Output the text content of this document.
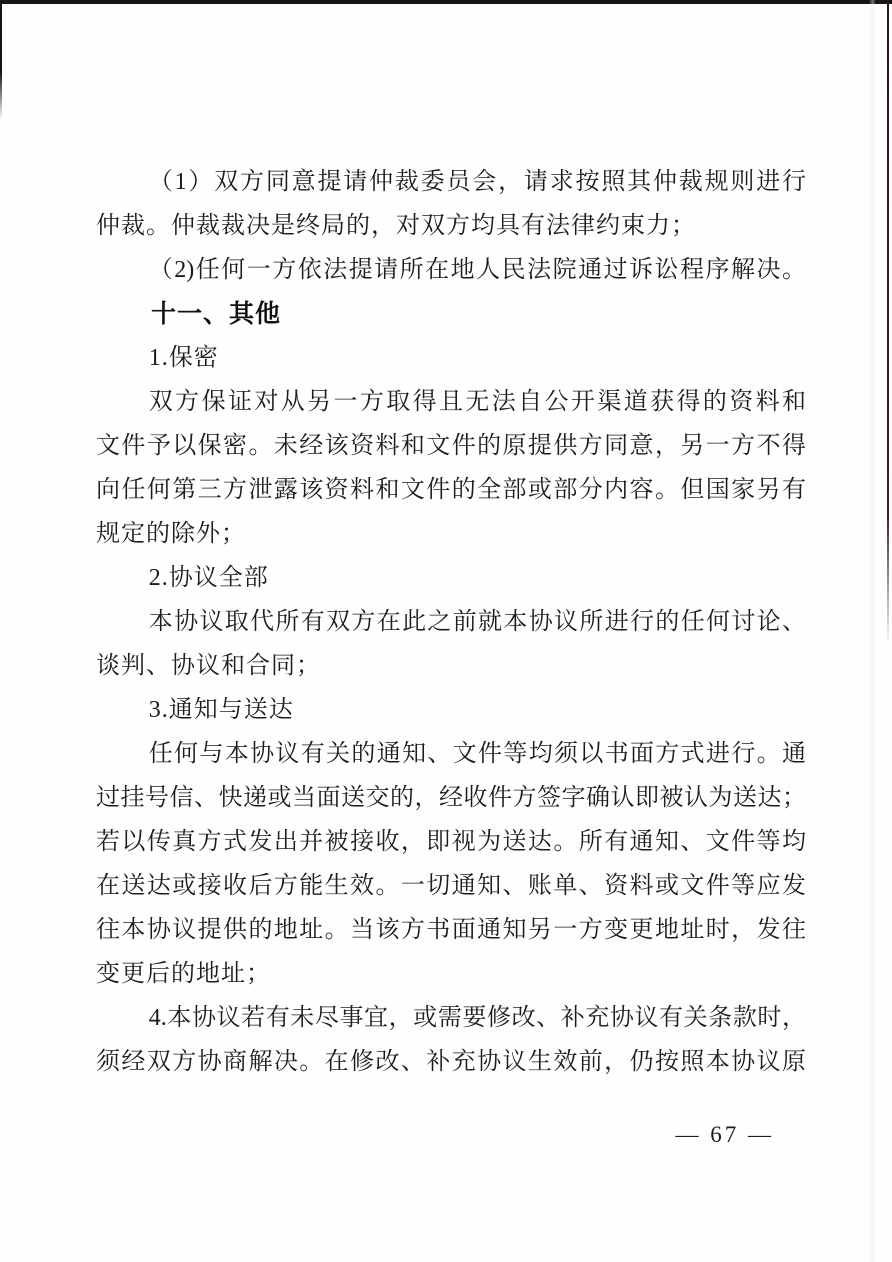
（1）双方同意提请仲裁委员会，请求按照其仲裁规则进行
仲裁。仲裁裁决是终局的，对双方均具有法律约束力；
（2)任何一方依法提请所在地人民法院通过诉讼程序解决。
十一、其他
1.保密
双方保证对从另一方取得且无法自公开渠道获得的资料和
文件予以保密。未经该资料和文件的原提供方同意，另一方不得
向任何第三方泄露该资料和文件的全部或部分内容。但国家另有
规定的除外；
2.协议全部
本协议取代所有双方在此之前就本协议所进行的任何讨论、
谈判、协议和合同；
3.通知与送达
任何与本协议有关的通知、文件等均须以书面方式进行。通
过挂号信、快递或当面送交的，经收件方签字确认即被认为送达；
若以传真方式发出并被接收，即视为送达。所有通知、文件等均
在送达或接收后方能生效。一切通知、账单、资料或文件等应发
往本协议提供的地址。当该方书面通知另一方变更地址时，发往
变更后的地址；
4.本协议若有未尽事宜，或需要修改、补充协议有关条款时，
须经双方协商解决。在修改、补充协议生效前，仍按照本协议原
— 67 —
